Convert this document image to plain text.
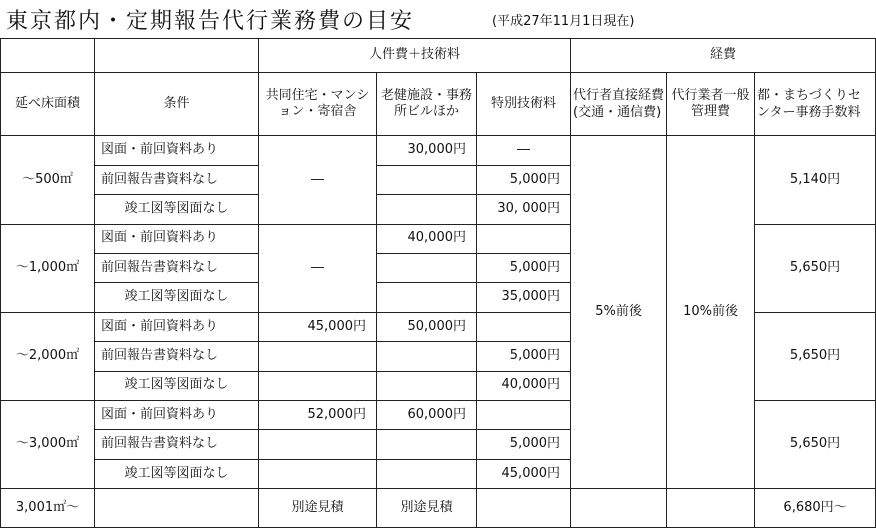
東京都内・定期報告代行業務費の目安	(平成27年11月1日現在)
		人件費＋技術料			経費		
延べ床面積	条件	共同住宅・マンション・寄宿舎	老健施設・事務所ビルほか	特別技術料	代行者直接経費(交通・通信費)	代行業者一般管理費	都・まちづくりセンター事務手数料
～500㎡	図面・前回資料あり	―	30,000円	―	5%前後	10%前後	5,140円
	前回報告書資料なし			5,000円			
	竣工図等図面なし			30, 000円			
～1,000㎡	図面・前回資料あり	―	40,000円				5,650円
	前回報告書資料なし			5,000円			
	竣工図等図面なし			35,000円			
～2,000㎡	図面・前回資料あり	45,000円	50,000円				5,650円
	前回報告書資料なし			5,000円			
	竣工図等図面なし			40,000円			
～3,000㎡	図面・前回資料あり	52,000円	60,000円				5,650円
	前回報告書資料なし			5,000円			
	竣工図等図面なし			45,000円			
3,001㎡～		別途見積	別途見積				6,680円～
